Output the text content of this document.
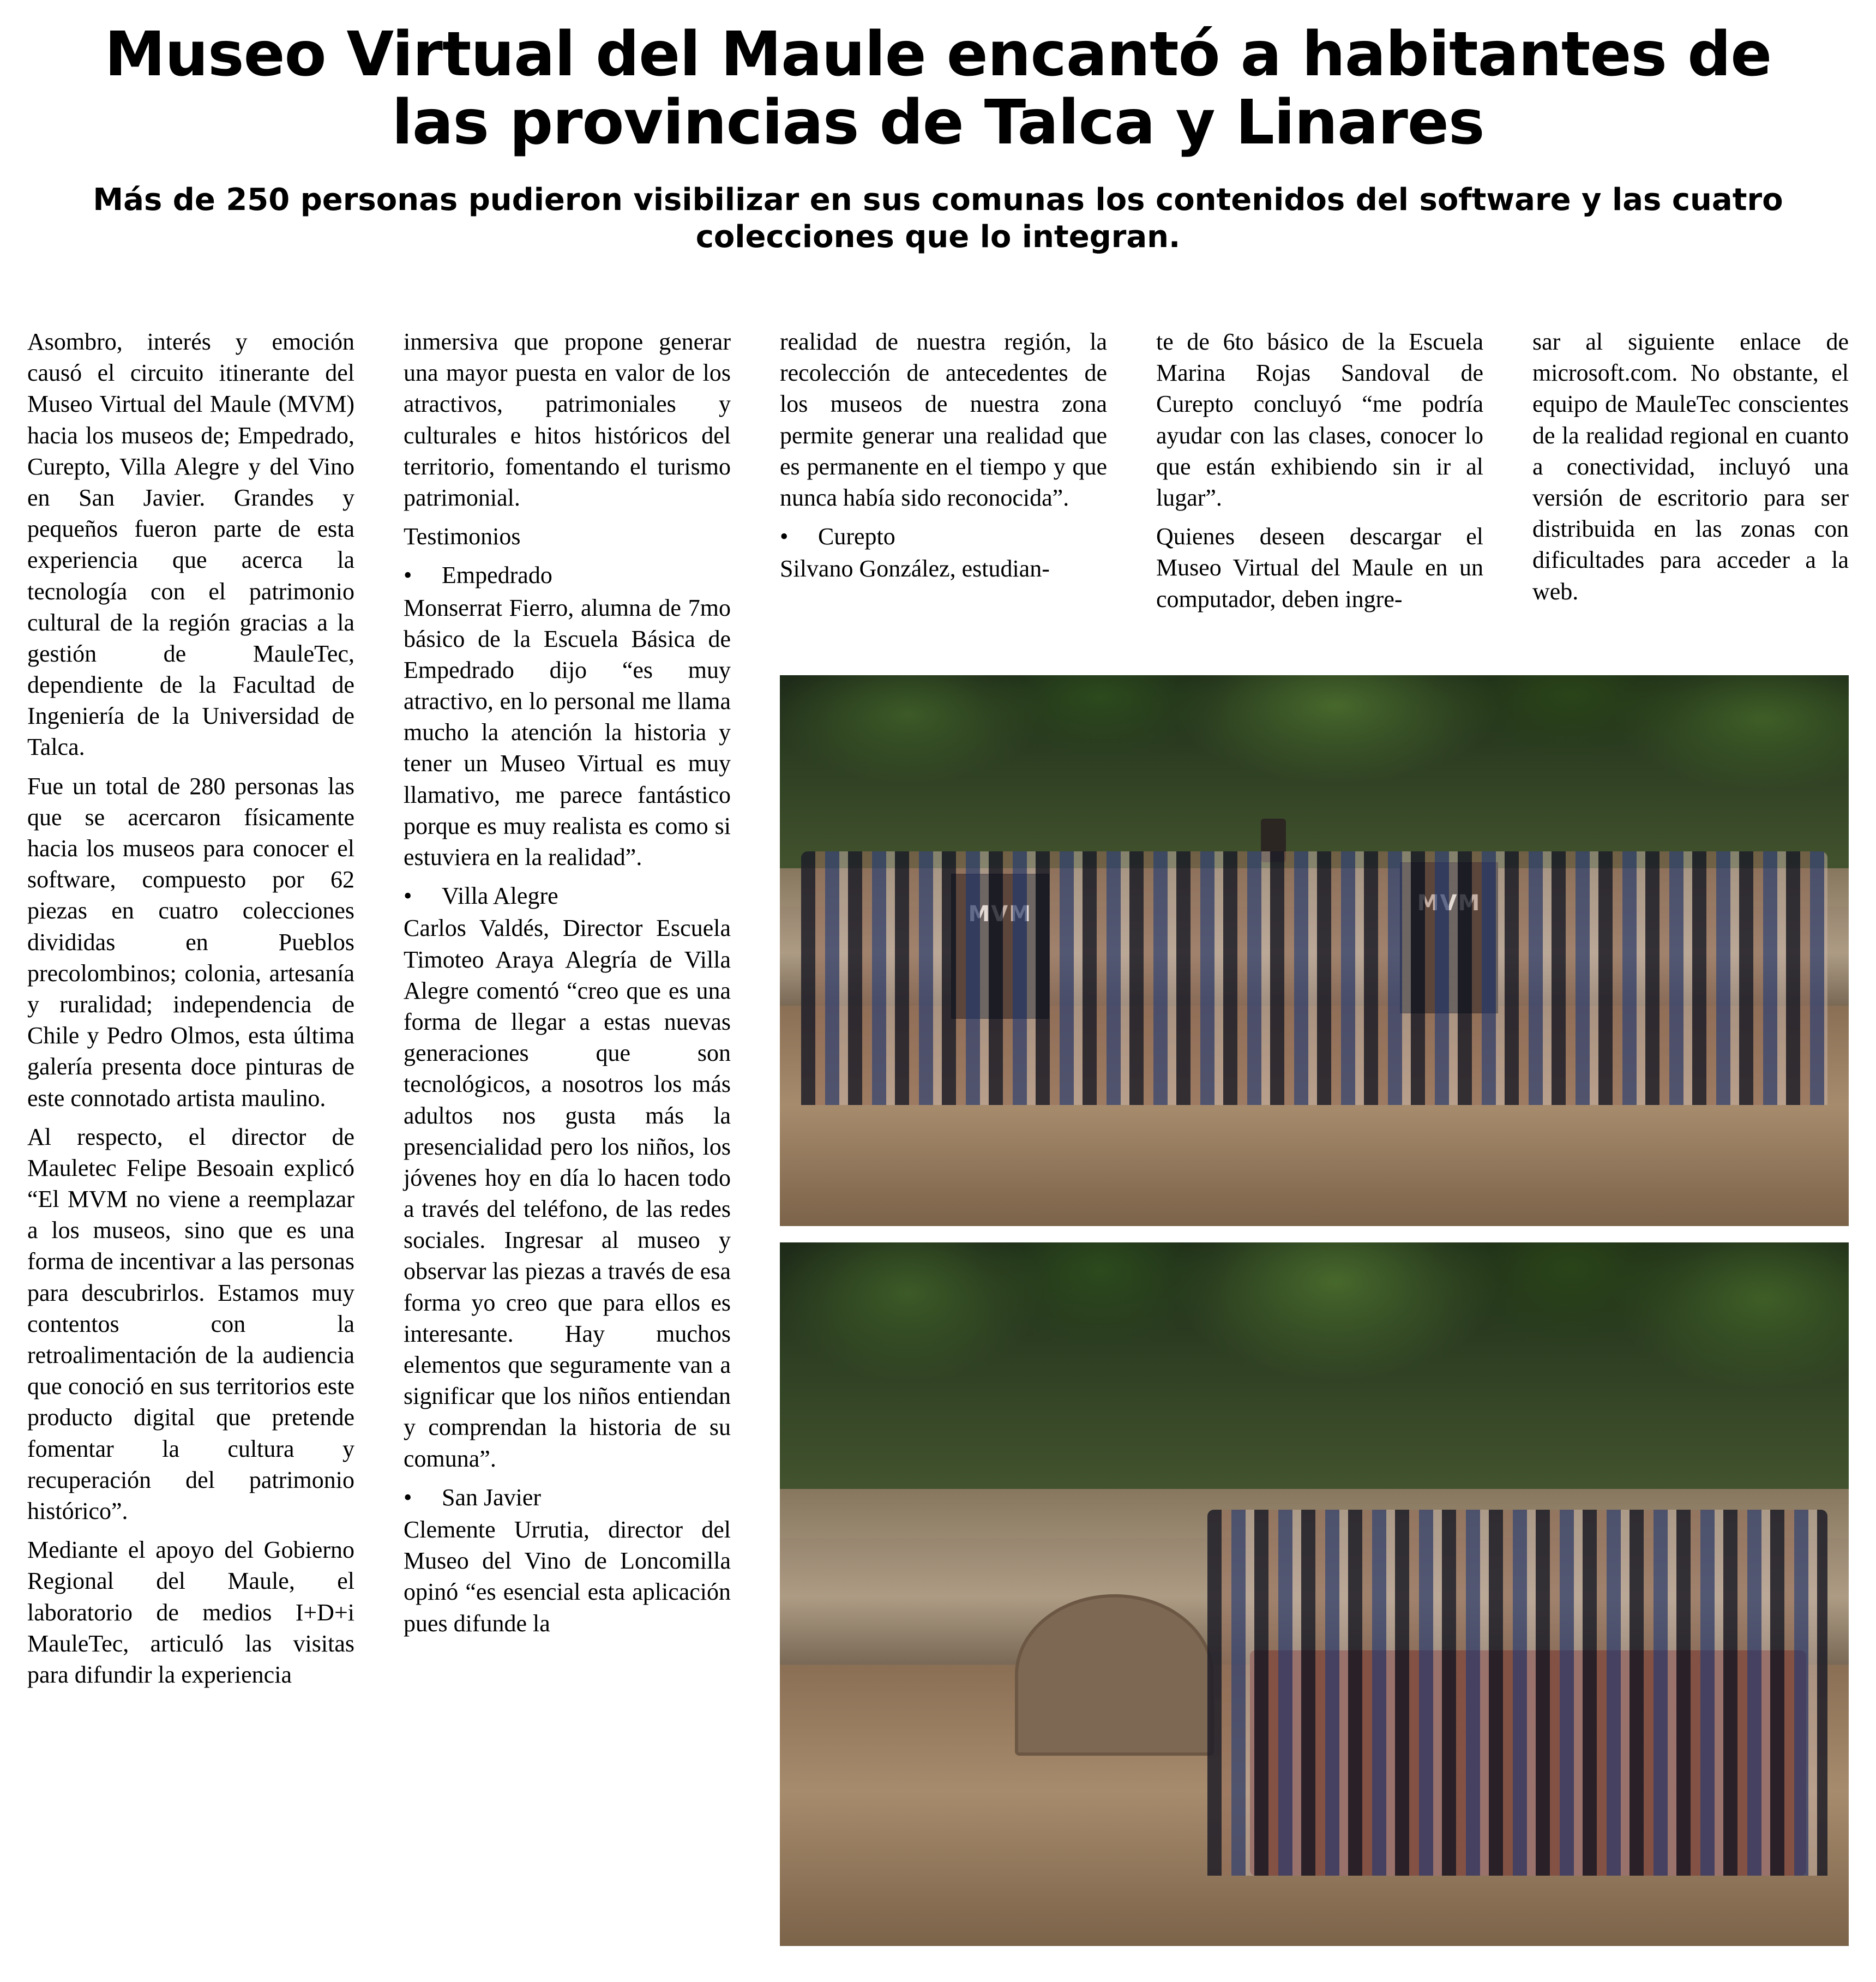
Museo Virtual del Maule encantó a habitantes de las provincias de Talca y Linares
Más de 250 personas pudieron visibilizar en sus comunas los contenidos del software y las cuatro colecciones que lo integran.

Asombro, interés y emoción causó el circuito itinerante del Museo Virtual del Maule (MVM) hacia los museos de; Empedrado, Curepto, Villa Alegre y del Vino en San Javier. Grandes y pequeños fueron parte de esta experiencia que acerca la tecnología con el patrimonio cultural de la región gracias a la gestión de MauleTec, dependiente de la Facultad de Ingeniería de la Universidad de Talca.

Fue un total de 280 personas las que se acercaron físicamente hacia los museos para conocer el software, compuesto por 62 piezas en cuatro colecciones divididas en Pueblos precolombinos; colonia, artesanía y ruralidad; independencia de Chile y Pedro Olmos, esta última galería presenta doce pinturas de este connotado artista maulino.

Al respecto, el director de Mauletec Felipe Besoain explicó “El MVM no viene a reemplazar a los museos, sino que es una forma de incentivar a las personas para descubrirlos. Estamos muy contentos con la retroalimentación de la audiencia que conoció en sus territorios este producto digital que pretende fomentar la cultura y recuperación del patrimonio histórico”.

Mediante el apoyo del Gobierno Regional del Maule, el laboratorio de medios I+D+i MauleTec, articuló las visitas para difundir la experiencia

inmersiva que propone generar una mayor puesta en valor de los atractivos, patrimoniales y culturales e hitos históricos del territorio, fomentando el turismo patrimonial.

Testimonios

• Empedrado

Monserrat Fierro, alumna de 7mo básico de la Escuela Básica de Empedrado dijo “es muy atractivo, en lo personal me llama mucho la atención la historia y tener un Museo Virtual es muy llamativo, me parece fantástico porque es muy realista es como si estuviera en la realidad”.

• Villa Alegre

Carlos Valdés, Director Escuela Timoteo Araya Alegría de Villa Alegre comentó “creo que es una forma de llegar a estas nuevas generaciones que son tecnológicos, a nosotros los más adultos nos gusta más la presencialidad pero los niños, los jóvenes hoy en día lo hacen todo a través del teléfono, de las redes sociales. Ingresar al museo y observar las piezas a través de esa forma yo creo que para ellos es interesante. Hay muchos elementos que seguramente van a significar que los niños entiendan y comprendan la historia de su comuna”.

• San Javier

Clemente Urrutia, director del Museo del Vino de Loncomilla opinó “es esencial esta aplicación pues difunde la

realidad de nuestra región, la recolección de antecedentes de los museos de nuestra zona permite generar una realidad que es permanente en el tiempo y que nunca había sido reconocida”.

• Curepto

Silvano González, estudian-

te de 6to básico de la Escuela Marina Rojas Sandoval de Curepto concluyó “me podría ayudar con las clases, conocer lo que están exhibiendo sin ir al lugar”.

Quienes deseen descargar el Museo Virtual del Maule en un computador, deben ingre-

sar al siguiente enlace de microsoft.com. No obstante, el equipo de MauleTec conscientes de la realidad regional en cuanto a conectividad, incluyó una versión de escritorio para ser distribuida en las zonas con dificultades para acceder a la web.
